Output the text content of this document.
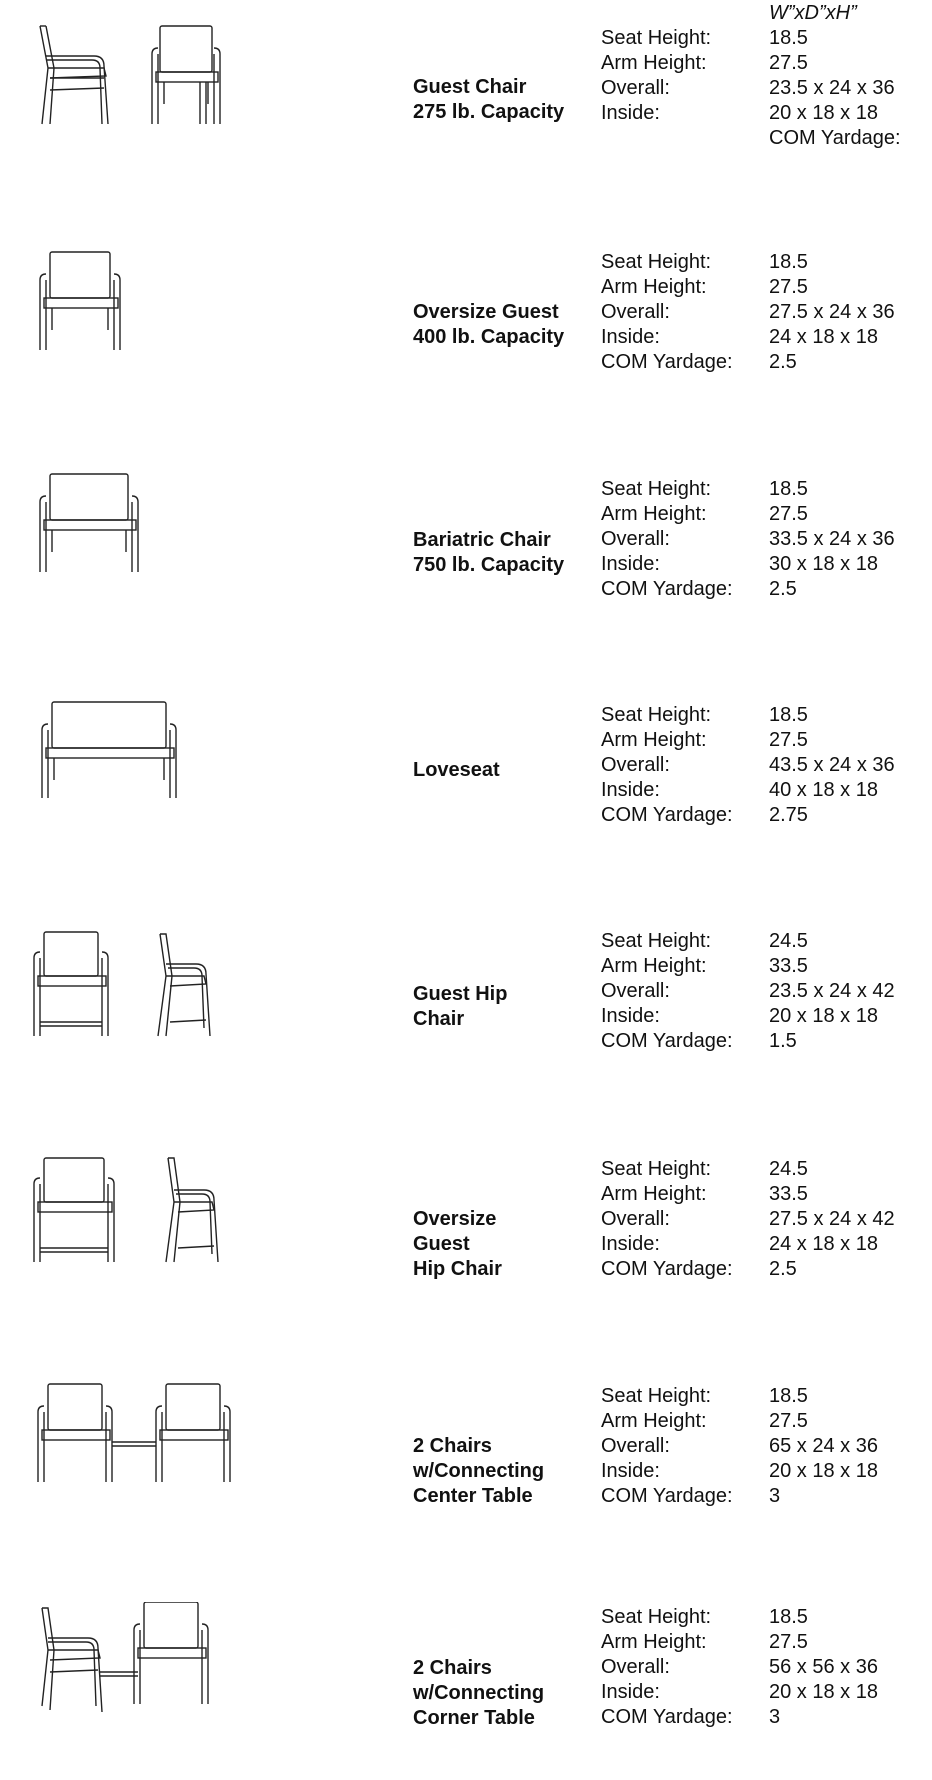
W”xD”xH”
Guest Chair
275 lb. Capacity
Seat Height:
Arm Height:
Overall:
Inside:
18.5
27.5
23.5 x 24 x 36
20 x 18 x 18
COM Yardage:
Oversize Guest
400 lb. Capacity
Seat Height:
Arm Height:
Overall:
Inside:
COM Yardage:
18.5
27.5
27.5 x 24 x 36
24 x 18 x 18
2.5
Bariatric Chair
750 lb. Capacity
Seat Height:
Arm Height:
Overall:
Inside:
COM Yardage:
18.5
27.5
33.5 x 24 x 36
30 x 18 x 18
2.5
Loveseat
Seat Height:
Arm Height:
Overall:
Inside:
COM Yardage:
18.5
27.5
43.5 x 24 x 36
40 x 18 x 18
2.75
Guest Hip
Chair
Seat Height:
Arm Height:
Overall:
Inside:
COM Yardage:
24.5
33.5
23.5 x 24 x 42
20 x 18 x 18
1.5
Oversize
Guest
Hip Chair
Seat Height:
Arm Height:
Overall:
Inside:
COM Yardage:
24.5
33.5
27.5 x 24 x 42
24 x 18 x 18
2.5
2 Chairs
w/Connecting
Center Table
Seat Height:
Arm Height:
Overall:
Inside:
COM Yardage:
18.5
27.5
65 x 24 x 36
20 x 18 x 18
3
2 Chairs
w/Connecting
Corner Table
Seat Height:
Arm Height:
Overall:
Inside:
COM Yardage:
18.5
27.5
56 x 56 x 36
20 x 18 x 18
3
